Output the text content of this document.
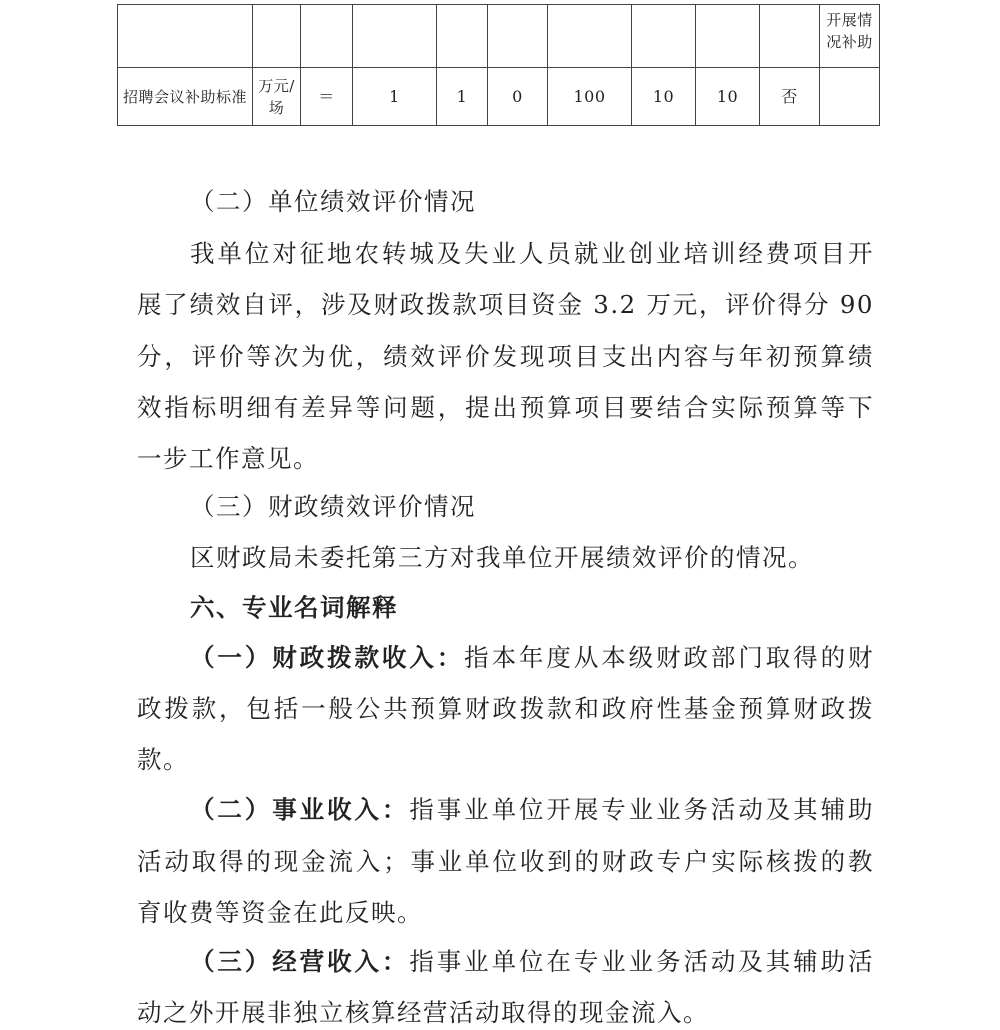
										开展情况补助
招聘会议补助标准	万元/场	＝	1	1	0	100	10	10	否	
（二）单位绩效评价情况
我单位对征地农转城及失业人员就业创业培训经费项目开
展了绩效自评，涉及财政拨款项目资金 3.2 万元，评价得分 90
分，评价等次为优，绩效评价发现项目支出内容与年初预算绩
效指标明细有差异等问题，提出预算项目要结合实际预算等下
一步工作意见。
（三）财政绩效评价情况
区财政局未委托第三方对我单位开展绩效评价的情况。
六、专业名词解释
（一）财政拨款收入：指本年度从本级财政部门取得的财
政拨款，包括一般公共预算财政拨款和政府性基金预算财政拨
款。
（二）事业收入：指事业单位开展专业业务活动及其辅助
活动取得的现金流入；事业单位收到的财政专户实际核拨的教
育收费等资金在此反映。
（三）经营收入：指事业单位在专业业务活动及其辅助活
动之外开展非独立核算经营活动取得的现金流入。
